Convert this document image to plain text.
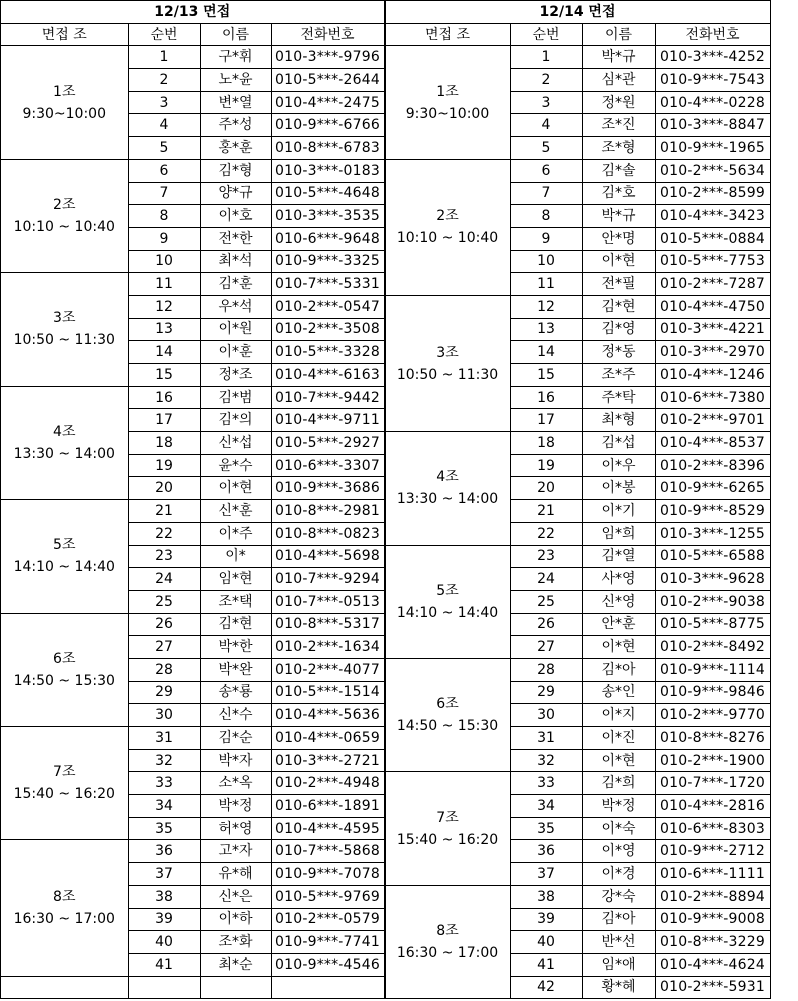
12/13 면접			
면접 조	순번	이름	전화번호

1조
9:30~10:00	1	구*휘	010-3***-9796
	2	노*윤	010-5***-2644
	3	변*열	010-4***-2475
	4	주*성	010-9***-6766
	5	홍*훈	010-8***-6783

2조
10:10 ~ 10:40	6	김*형	010-3***-0183
	7	양*규	010-5***-4648
	8	이*호	010-3***-3535
	9	전*한	010-6***-9648
	10	최*석	010-9***-3325

3조
10:50 ~ 11:30	11	김*훈	010-7***-5331
	12	우*석	010-2***-0547
	13	이*원	010-2***-3508
	14	이*훈	010-5***-3328
	15	정*조	010-4***-6163

4조
13:30 ~ 14:00	16	김*범	010-7***-9442
	17	김*의	010-4***-9711
	18	신*섭	010-5***-2927
	19	윤*수	010-6***-3307
	20	이*현	010-9***-3686

5조
14:10 ~ 14:40	21	신*훈	010-8***-2981
	22	이*주	010-8***-0823
	23	이*	010-4***-5698
	24	임*현	010-7***-9294
	25	조*택	010-7***-0513

6조
14:50 ~ 15:30	26	김*현	010-8***-5317
	27	박*한	010-2***-1634
	28	박*완	010-2***-4077
	29	송*룡	010-5***-1514
	30	신*수	010-4***-5636

7조
15:40 ~ 16:20	31	김*순	010-4***-0659
	32	박*자	010-3***-2721
	33	소*옥	010-2***-4948
	34	박*정	010-6***-1891
	35	허*영	010-4***-4595

8조
16:30 ~ 17:00	36	고*자	010-7***-5868
	37	유*해	010-9***-7078
	38	신*은	010-5***-9769
	39	이*하	010-2***-0579
	40	조*화	010-9***-7741
	41	최*순	010-9***-4546

12/14 면접			
면접 조	순번	이름	전화번호

1조
9:30~10:00	1	박*규	010-3***-4252
	2	심*관	010-9***-7543
	3	정*원	010-4***-0228
	4	조*진	010-3***-8847
	5	조*형	010-9***-1965

2조
10:10 ~ 10:40	6	김*솔	010-2***-5634
	7	김*호	010-2***-8599
	8	박*규	010-4***-3423
	9	안*명	010-5***-0884
	10	이*현	010-5***-7753
	11	전*필	010-2***-7287

3조
10:50 ~ 11:30	12	김*현	010-4***-4750
	13	김*영	010-3***-4221
	14	정*동	010-3***-2970
	15	조*주	010-4***-1246
	16	주*탁	010-6***-7380
	17	최*형	010-2***-9701

4조
13:30 ~ 14:00	18	김*섭	010-4***-8537
	19	이*우	010-2***-8396
	20	이*봉	010-9***-6265
	21	이*기	010-9***-8529
	22	임*희	010-3***-1255

5조
14:10 ~ 14:40	23	김*열	010-5***-6588
	24	사*영	010-3***-9628
	25	신*영	010-2***-9038
	26	안*훈	010-5***-8775
	27	이*현	010-2***-8492

6조
14:50 ~ 15:30	28	김*아	010-9***-1114
	29	송*인	010-9***-9846
	30	이*지	010-2***-9770
	31	이*진	010-8***-8276
	32	이*현	010-2***-1900

7조
15:40 ~ 16:20	33	김*희	010-7***-1720
	34	박*정	010-4***-2816
	35	이*숙	010-6***-8303
	36	이*영	010-9***-2712
	37	이*경	010-6***-1111

8조
16:30 ~ 17:00	38	강*숙	010-2***-8894
	39	김*아	010-9***-9008
	40	반*선	010-8***-3229
	41	임*애	010-4***-4624
	42	황*혜	010-2***-5931
